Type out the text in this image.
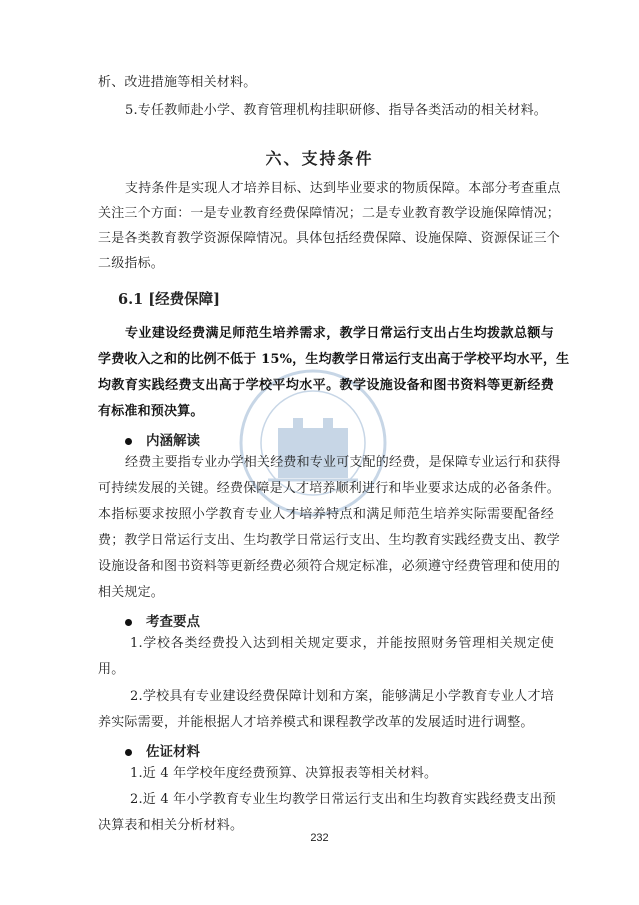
析、改进措施等相关材料。
5.专任教师赴小学、教育管理机构挂职研修、指导各类活动的相关材料。
六、支持条件
支持条件是实现人才培养目标、达到毕业要求的物质保障。本部分考查重点
关注三个方面：一是专业教育经费保障情况；二是专业教育教学设施保障情况；
三是各类教育教学资源保障情况。具体包括经费保障、设施保障、资源保证三个
二级指标。
6.1 [经费保障]
专业建设经费满足师范生培养需求，教学日常运行支出占生均拨款总额与
学费收入之和的比例不低于 15%，生均教学日常运行支出高于学校平均水平，生
均教育实践经费支出高于学校平均水平。教学设施设备和图书资料等更新经费
有标准和预决算。
内涵解读
经费主要指专业办学相关经费和专业可支配的经费，是保障专业运行和获得
可持续发展的关键。经费保障是人才培养顺利进行和毕业要求达成的必备条件。
本指标要求按照小学教育专业人才培养特点和满足师范生培养实际需要配备经
费；教学日常运行支出、生均教学日常运行支出、生均教育实践经费支出、教学
设施设备和图书资料等更新经费必须符合规定标准，必须遵守经费管理和使用的
相关规定。
考查要点
1.学校各类经费投入达到相关规定要求，并能按照财务管理相关规定使
用。
2.学校具有专业建设经费保障计划和方案，能够满足小学教育专业人才培
养实际需要，并能根据人才培养模式和课程教学改革的发展适时进行调整。
佐证材料
1.近 4 年学校年度经费预算、决算报表等相关材料。
2.近 4 年小学教育专业生均教学日常运行支出和生均教育实践经费支出预
决算表和相关分析材料。
232
